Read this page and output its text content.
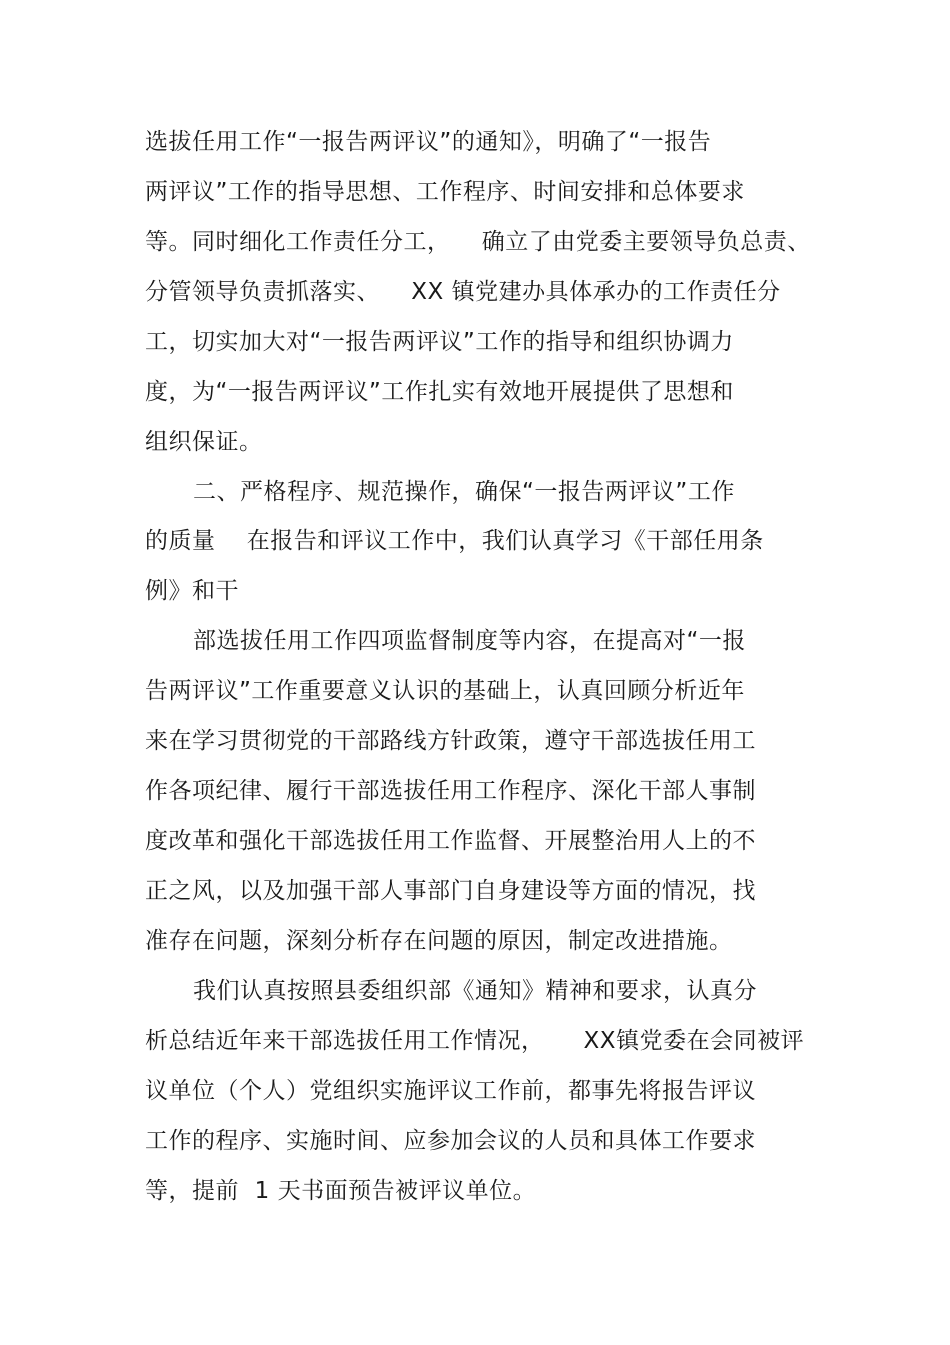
选拔任用工作“一报告两评议”的通知》，明确了“一报告
两评议”工作的指导思想、工作程序、时间安排和总体要求
等。同时细化工作责任分工，    确立了由党委主要领导负总责、
分管领导负责抓落实、    XX 镇党建办具体承办的工作责任分
工，切实加大对“一报告两评议”工作的指导和组织协调力
度，为“一报告两评议”工作扎实有效地开展提供了思想和
组织保证。
二、严格程序、规范操作，确保“一报告两评议”工作
的质量    在报告和评议工作中，我们认真学习《干部任用条
例》和干
部选拔任用工作四项监督制度等内容，在提高对“一报
告两评议”工作重要意义认识的基础上，认真回顾分析近年
来在学习贯彻党的干部路线方针政策，遵守干部选拔任用工
作各项纪律、履行干部选拔任用工作程序、深化干部人事制
度改革和强化干部选拔任用工作监督、开展整治用人上的不
正之风，以及加强干部人事部门自身建设等方面的情况，找
准存在问题，深刻分析存在问题的原因，制定改进措施。
我们认真按照县委组织部《通知》精神和要求，认真分
析总结近年来干部选拔任用工作情况，     XX镇党委在会同被评
议单位（个人）党组织实施评议工作前，都事先将报告评议
工作的程序、实施时间、应参加会议的人员和具体工作要求
等，提前  1 天书面预告被评议单位。
